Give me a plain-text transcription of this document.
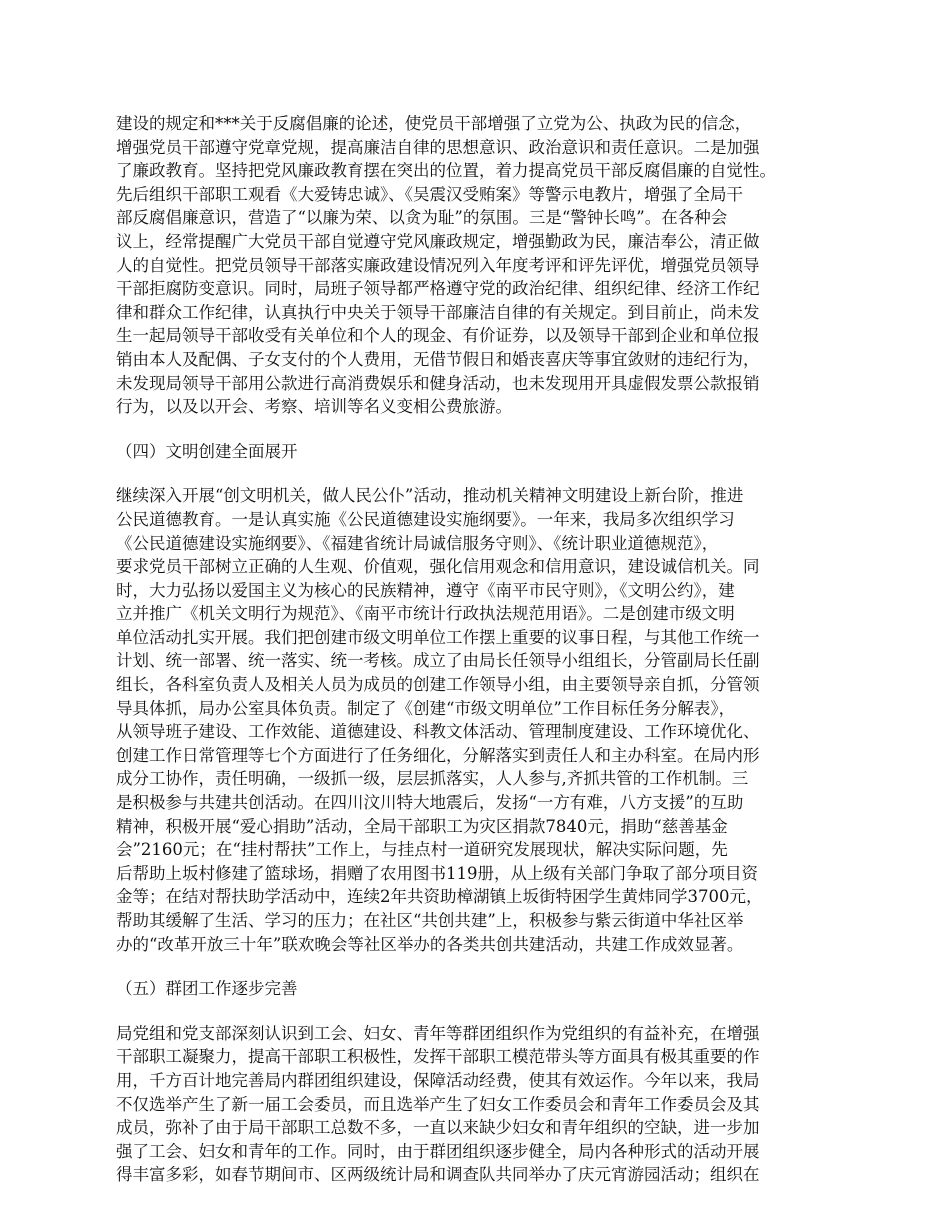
建设的规定和***关于反腐倡廉的论述，使党员干部增强了立党为公、执政为民的信念，
增强党员干部遵守党章党规，提高廉洁自律的思想意识、政治意识和责任意识。二是加强
了廉政教育。坚持把党风廉政教育摆在突出的位置，着力提高党员干部反腐倡廉的自觉性。
先后组织干部职工观看《大爱铸忠诚》、《吴震汉受贿案》等警示电教片，增强了全局干
部反腐倡廉意识，营造了“以廉为荣、以贪为耻”的氛围。三是“警钟长鸣”。在各种会
议上，经常提醒广大党员干部自觉遵守党风廉政规定，增强勤政为民，廉洁奉公，清正做
人的自觉性。把党员领导干部落实廉政建设情况列入年度考评和评先评优，增强党员领导
干部拒腐防变意识。同时，局班子领导都严格遵守党的政治纪律、组织纪律、经济工作纪
律和群众工作纪律，认真执行中央关于领导干部廉洁自律的有关规定。到目前止，尚未发
生一起局领导干部收受有关单位和个人的现金、有价证券，以及领导干部到企业和单位报
销由本人及配偶、子女支付的个人费用，无借节假日和婚丧喜庆等事宜敛财的违纪行为，
未发现局领导干部用公款进行高消费娱乐和健身活动，也未发现用开具虚假发票公款报销
行为，以及以开会、考察、培训等名义变相公费旅游。
（四）文明创建全面展开
继续深入开展“创文明机关，做人民公仆”活动，推动机关精神文明建设上新台阶，推进
公民道德教育。一是认真实施《公民道德建设实施纲要》。一年来，我局多次组织学习
《公民道德建设实施纲要》、《福建省统计局诚信服务守则》、《统计职业道德规范》，
要求党员干部树立正确的人生观、价值观，强化信用观念和信用意识，建设诚信机关。同
时，大力弘扬以爱国主义为核心的民族精神，遵守《南平市民守则》，《文明公约》，建
立并推广《机关文明行为规范》、《南平市统计行政执法规范用语》。二是创建市级文明
单位活动扎实开展。我们把创建市级文明单位工作摆上重要的议事日程，与其他工作统一
计划、统一部署、统一落实、统一考核。成立了由局长任领导小组组长，分管副局长任副
组长，各科室负责人及相关人员为成员的创建工作领导小组，由主要领导亲自抓，分管领
导具体抓，局办公室具体负责。制定了《创建“市级文明单位”工作目标任务分解表》，
从领导班子建设、工作效能、道德建设、科教文体活动、管理制度建设、工作环境优化、
创建工作日常管理等七个方面进行了任务细化，分解落实到责任人和主办科室。在局内形
成分工协作，责任明确，一级抓一级，层层抓落实，人人参与,齐抓共管的工作机制。三
是积极参与共建共创活动。在四川汶川特大地震后，发扬“一方有难，八方支援”的互助
精神，积极开展“爱心捐助”活动，全局干部职工为灾区捐款7840元，捐助“慈善基金
会”2160元；在“挂村帮扶”工作上，与挂点村一道研究发展现状，解决实际问题，先
后帮助上坂村修建了篮球场，捐赠了农用图书119册，从上级有关部门争取了部分项目资
金等；在结对帮扶助学活动中，连续2年共资助樟湖镇上坂街特困学生黄炜同学3700元，
帮助其缓解了生活、学习的压力；在社区“共创共建”上，积极参与紫云街道中华社区举
办的“改革开放三十年”联欢晚会等社区举办的各类共创共建活动，共建工作成效显著。
（五）群团工作逐步完善
局党组和党支部深刻认识到工会、妇女、青年等群团组织作为党组织的有益补充，在增强
干部职工凝聚力，提高干部职工积极性，发挥干部职工模范带头等方面具有极其重要的作
用，千方百计地完善局内群团组织建设，保障活动经费，使其有效运作。今年以来，我局
不仅选举产生了新一届工会委员，而且选举产生了妇女工作委员会和青年工作委员会及其
成员，弥补了由于局干部职工总数不多，一直以来缺少妇女和青年组织的空缺，进一步加
强了工会、妇女和青年的工作。同时，由于群团组织逐步健全，局内各种形式的活动开展
得丰富多彩，如春节期间市、区两级统计局和调查队共同举办了庆元宵游园活动；组织在
